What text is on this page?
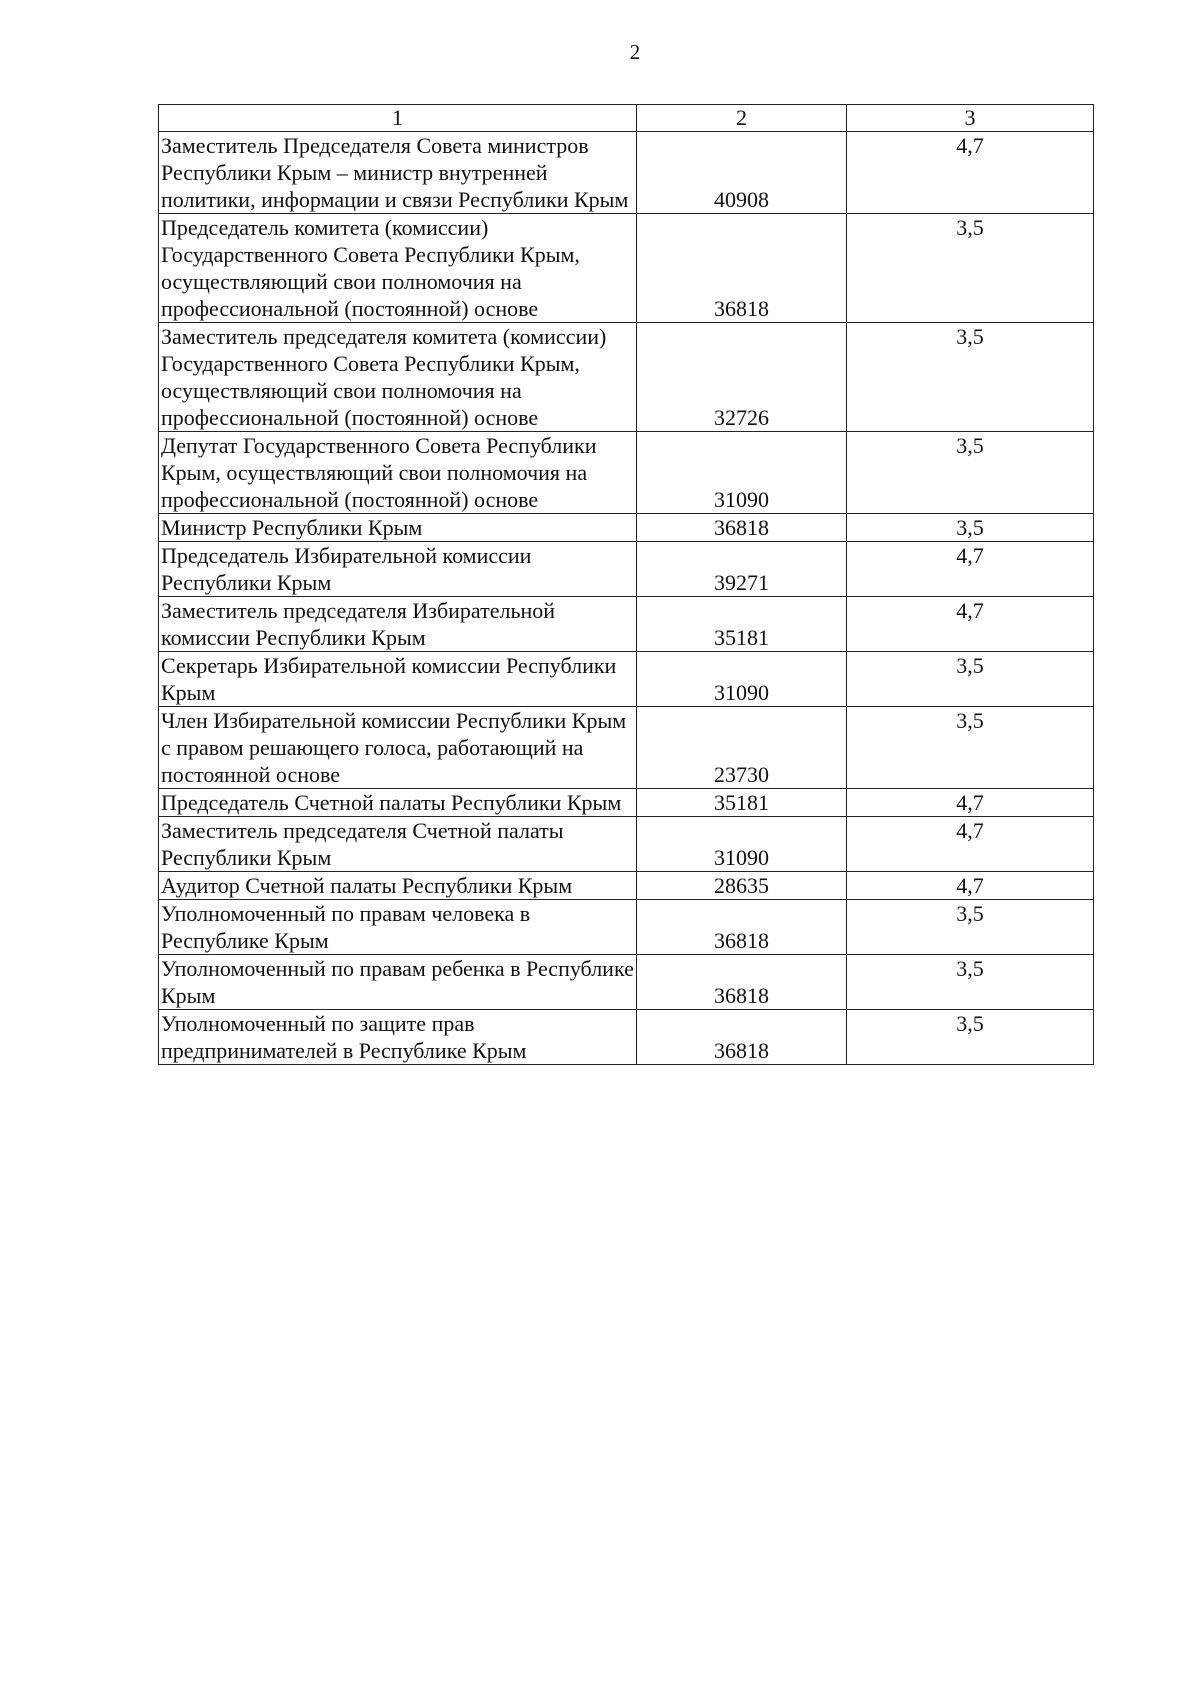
2
1	2	3
Заместитель Председателя Совета министров Республики Крым – министр внутренней политики, информации и связи Республики Крым	40908	4,7
Председатель комитета (комиссии) Государственного Совета Республики Крым, осуществляющий свои полномочия на профессиональной (постоянной) основе	36818	3,5
Заместитель председателя комитета (комиссии) Государственного Совета Республики Крым, осуществляющий свои полномочия на профессиональной (постоянной) основе	32726	3,5
Депутат Государственного Совета Республики Крым, осуществляющий свои полномочия на профессиональной (постоянной) основе	31090	3,5
Министр Республики Крым	36818	3,5
Председатель Избирательной комиссии Республики Крым	39271	4,7
Заместитель председателя Избирательной комиссии Республики Крым	35181	4,7
Секретарь Избирательной комиссии Республики Крым	31090	3,5
Член Избирательной комиссии Республики Крым с правом решающего голоса, работающий на постоянной основе	23730	3,5
Председатель Счетной палаты Республики Крым	35181	4,7
Заместитель председателя Счетной палаты Республики Крым	31090	4,7
Аудитор Счетной палаты Республики Крым	28635	4,7
Уполномоченный по правам человека в Республике Крым	36818	3,5
Уполномоченный по правам ребенка в Республике Крым	36818	3,5
Уполномоченный по защите прав предпринимателей в Республике Крым	36818	3,5
